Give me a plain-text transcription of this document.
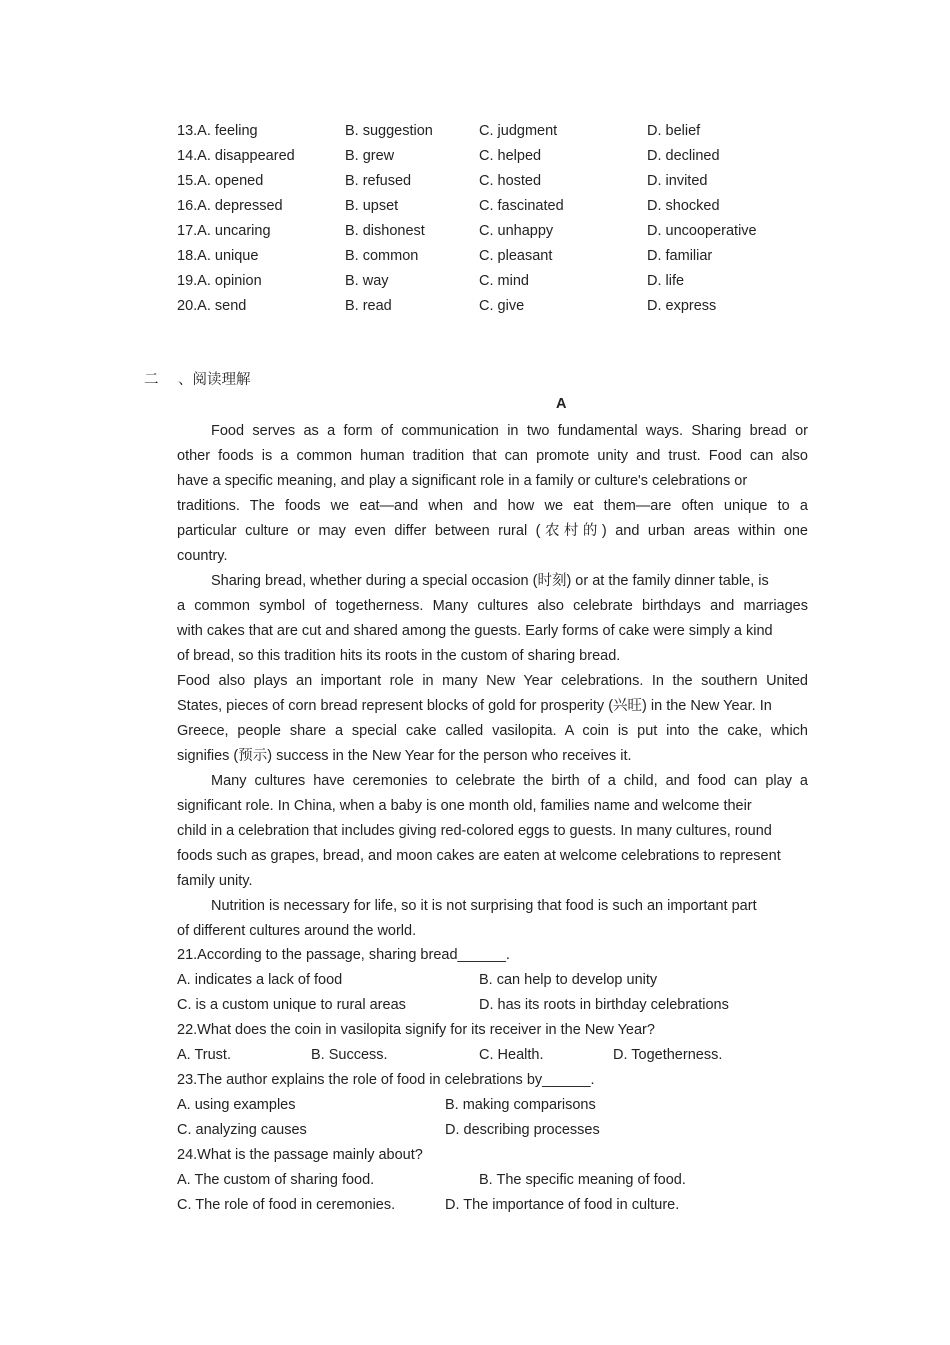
13.A. feeling	B. suggestion	C. judgment	D. belief
14.A. disappeared	B. grew	C. helped	D. declined
15.A. opened	B. refused	C. hosted	D. invited
16.A. depressed	B. upset	C. fascinated	D. shocked
17.A. uncaring	B. dishonest	C. unhappy	D. uncooperative
18.A. unique	B. common	C. pleasant	D. familiar
19.A. opinion	B. way	C. mind	D. life
20.A. send	B. read	C. give	D. express
二 、阅读理解
A

Food serves as a form of communication in two fundamental ways. Sharing bread or

other foods is a common human tradition that can promote unity and trust. Food can also

have a specific meaning, and play a significant role in a family or culture's celebrations or

traditions. The foods we eat—and when and how we eat them—are often unique to a

particular culture or may even differ between rural (农村的) and urban areas within one

country.

Sharing bread, whether during a special occasion (时刻) or at the family dinner table, is

a common symbol of togetherness. Many cultures also celebrate birthdays and marriages

with cakes that are cut and shared among the guests. Early forms of cake were simply a kind

of bread, so this tradition hits its roots in the custom of sharing bread.

Food also plays an important role in many New Year celebrations. In the southern United

States, pieces of corn bread represent blocks of gold for prosperity (兴旺) in the New Year. In

Greece, people share a special cake called vasilopita. A coin is put into the cake, which

signifies (预示) success in the New Year for the person who receives it.

Many cultures have ceremonies to celebrate the birth of a child, and food can play a

significant role. In China, when a baby is one month old, families name and welcome their

child in a celebration that includes giving red-colored eggs to guests. In many cultures, round

foods such as grapes, bread, and moon cakes are eaten at welcome celebrations to represent

family unity.

Nutrition is necessary for life, so it is not surprising that food is such an important part

of different cultures around the world.

21.According to the passage, sharing bread______.
A. indicates a lack of food	B. can help to develop unity
C. is a custom unique to rural areas	D. has its roots in birthday celebrations
22.What does the coin in vasilopita signify for its receiver in the New Year?
A. Trust.	B. Success.	C. Health.	D. Togetherness.
23.The author explains the role of food in celebrations by______.
A. using examples	B. making comparisons
C. analyzing causes	D. describing processes
24.What is the passage mainly about?
A. The custom of sharing food.	B. The specific meaning of food.
C. The role of food in ceremonies.	D. The importance of food in culture.
